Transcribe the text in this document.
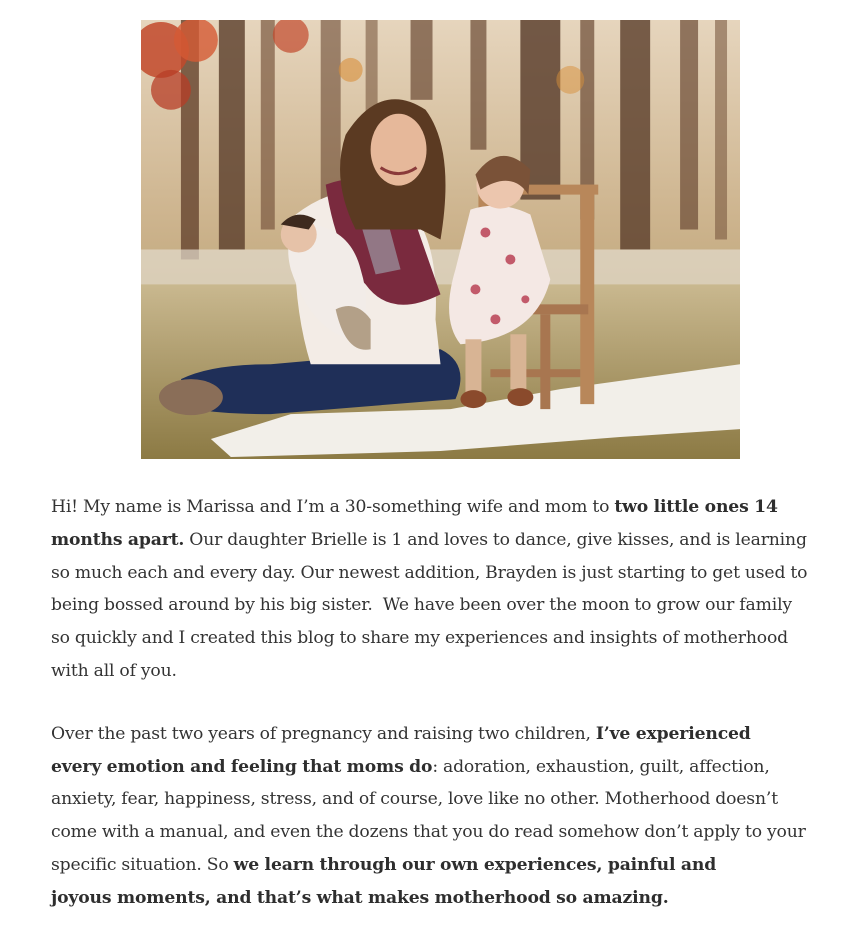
Hi! My name is Marissa and I’m a 30-something wife and mom to two little ones 14
months apart. Our daughter Brielle is 1 and loves to dance, give kisses, and is learning
so much each and every day. Our newest addition, Brayden is just starting to get used to
being bossed around by his big sister.  We have been over the moon to grow our family
so quickly and I created this blog to share my experiences and insights of motherhood
with all of you.

Over the past two years of pregnancy and raising two children, I’ve experienced
every emotion and feeling that moms do: adoration, exhaustion, guilt, affection,
anxiety, fear, happiness, stress, and of course, love like no other. Motherhood doesn’t
come with a manual, and even the dozens that you do read somehow don’t apply to your
specific situation. So we learn through our own experiences, painful and
joyous moments, and that’s what makes motherhood so amazing.
